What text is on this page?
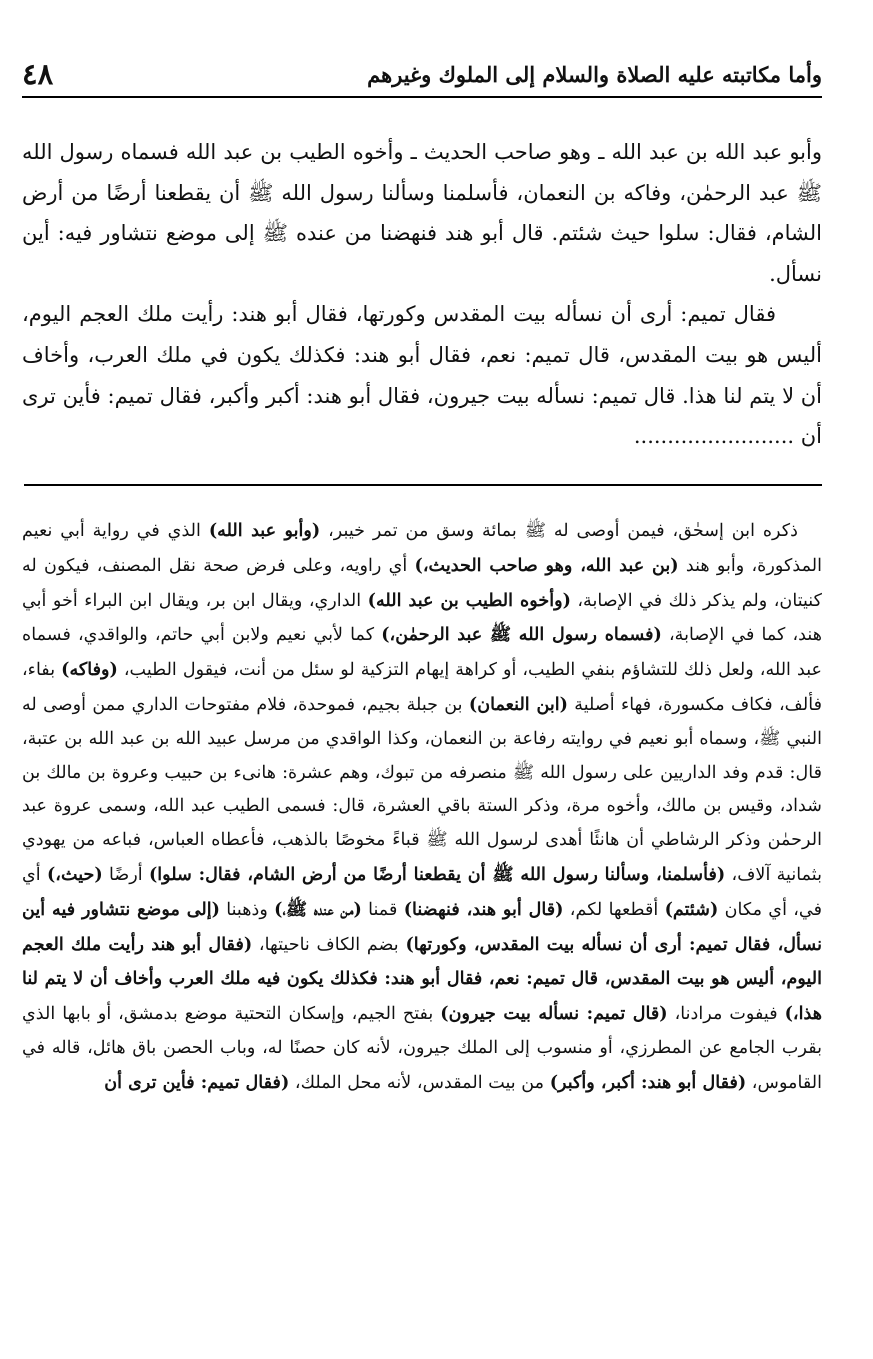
وأما مكاتبته عليه الصلاة والسلام إلى الملوك وغيرهم
٤٨

وأبو عبد الله بن عبد الله ـ وهو صاحب الحديث ـ وأخوه الطيب بن عبد الله فسماه رسول الله ﷺ عبد الرحمٰن، وفاكه بن النعمان، فأسلمنا وسألنا رسول الله ﷺ أن يقطعنا أرضًا من أرض الشام، فقال: سلوا حيث شئتم. قال أبو هند فنهضنا من عنده ﷺ إلى موضع نتشاور فيه: أين نسأل.

فقال تميم: أرى أن نسأله بيت المقدس وكورتها، فقال أبو هند: رأيت ملك العجم اليوم، أليس هو بيت المقدس، قال تميم: نعم، فقال أبو هند: فكذلك يكون في ملك العرب، وأخاف أن لا يتم لنا هذا. قال تميم: نسأله بيت جيرون، فقال أبو هند: أكبر وأكبر، فقال تميم: فأين ترى أن ........................

ذكره ابن إسحٰق، فيمن أوصى له ﷺ بمائة وسق من تمر خيبر، (وأبو عبد الله) الذي في رواية أبي نعيم المذكورة، وأبو هند (بن عبد الله، وهو صاحب الحديث،) أي راويه، وعلى فرض صحة نقل المصنف، فيكون له كنيتان، ولم يذكر ذلك في الإصابة، (وأخوه الطيب بن عبد الله) الداري، ويقال ابن بر، ويقال ابن البراء أخو أبي هند، كما في الإصابة، (فسماه رسول الله ﷺ عبد الرحمٰن،) كما لأبي نعيم ولابن أبي حاتم، والواقدي، فسماه عبد الله، ولعل ذلك للتشاؤم بنفي الطيب، أو كراهة إيهام التزكية لو سئل من أنت، فيقول الطيب، (وفاكه) بفاء، فألف، فكاف مكسورة، فهاء أصلية (ابن النعمان) بن جبلة بجيم، فموحدة، فلام مفتوحات الداري ممن أوصى له النبي ﷺ، وسماه أبو نعيم في روايته رفاعة بن النعمان، وكذا الواقدي من مرسل عبيد الله بن عبد الله بن عتبة، قال: قدم وفد الداريين على رسول الله ﷺ منصرفه من تبوك، وهم عشرة: هانىء بن حبيب وعروة بن مالك بن شداد، وقيس بن مالك، وأخوه مرة، وذكر الستة باقي العشرة، قال: فسمى الطيب عبد الله، وسمى عروة عبد الرحمٰن وذكر الرشاطي أن هانئًا أهدى لرسول الله ﷺ قباءً مخوصًا بالذهب، فأعطاه العباس، فباعه من يهودي بثمانية آلاف، (فأسلمنا، وسألنا رسول الله ﷺ أن يقطعنا أرضًا من أرض الشام، فقال: سلوا) أرضًا (حيث،) أي في، أي مكان (شئتم) أقطعها لكم، (قال أبو هند، فنهضنا) قمنا (من عنده ﷺ،) وذهبنا (إلى موضع نتشاور فيه أين نسأل، فقال تميم: أرى أن نسأله بيت المقدس، وكورتها) بضم الكاف ناحيتها، (فقال أبو هند رأيت ملك العجم اليوم، أليس هو بيت المقدس، قال تميم: نعم، فقال أبو هند: فكذلك يكون فيه ملك العرب وأخاف أن لا يتم لنا هذا،) فيفوت مرادنا، (قال تميم: نسأله بيت جيرون) بفتح الجيم، وإسكان التحتية موضع بدمشق، أو بابها الذي بقرب الجامع عن المطرزي، أو منسوب إلى الملك جيرون، لأنه كان حصنًا له، وباب الحصن باق هائل، قاله في القاموس، (فقال أبو هند: أكبر، وأكبر) من بيت المقدس، لأنه محل الملك، (فقال تميم: فأين ترى أن
